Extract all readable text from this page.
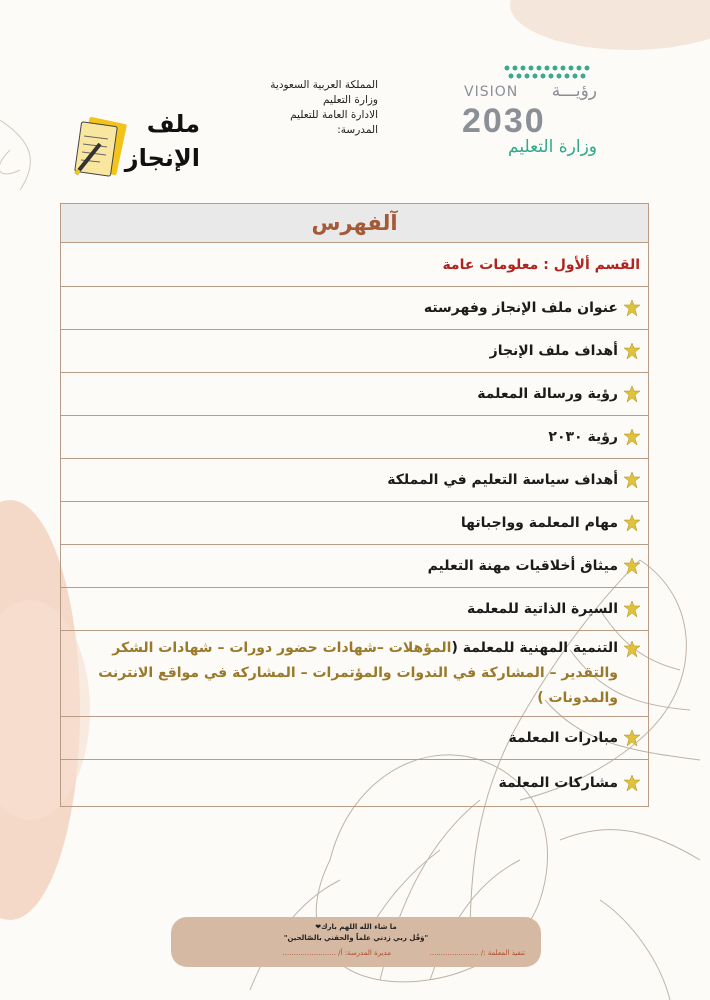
المملكة العربية السعودية
وزارة التعليم
الادارة العامة للتعليم
المدرسة:
VISION رؤيـــة
2030
وزارة التعليم
ملف
الإنجاز
آلفهرس
القسم ألأول : معلومات عامة
عنوان ملف الإنجاز وفهرسته
أهداف ملف الإنجاز
رؤية ورسالة المعلمة
رؤية ٢٠٣٠
أهداف سياسة التعليم في المملكة
مهام المعلمة وواجباتها
ميثاق أخلاقيات مهنة التعليم
السيرة الذاتية للمعلمة
التنمية المهنية للمعلمة (المؤهلات –شهادات حضور دورات – شهادات الشكر والتقدير – المشاركة في الندوات والمؤتمرات – المشاركة في مواقع الانترنت والمدونات )
مبادرات المعلمة
مشاركات المعلمة
ما شاء الله اللهم بارك❤
"وَقُل ربي زدني علماً والحقني بالصّالحين"
تنفيذ المعلمة :/ ......................
مديرة المدرسة: أ/ ........................
